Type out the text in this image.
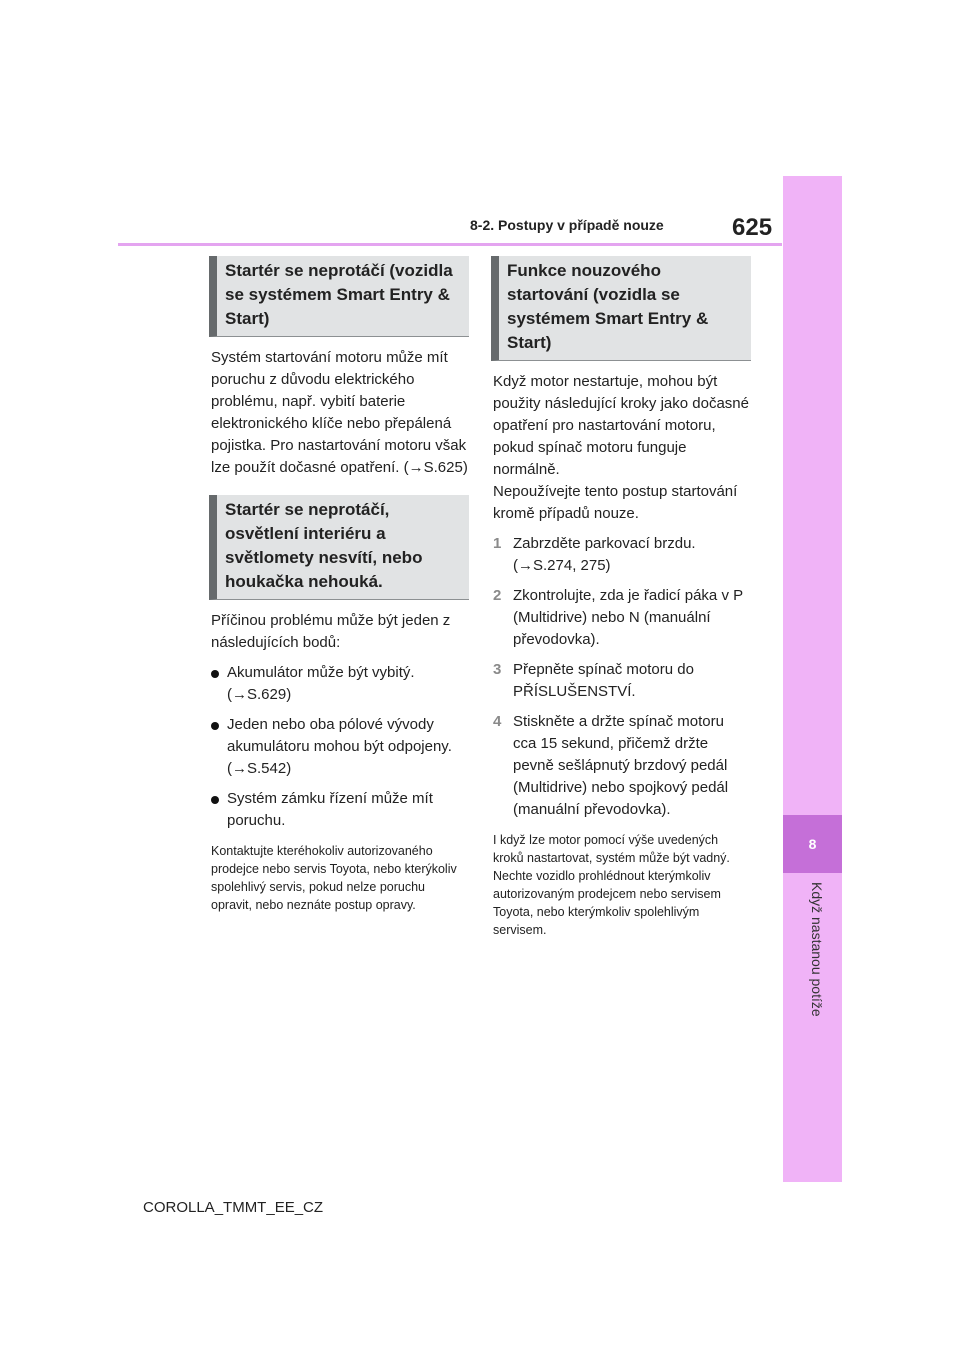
8
Když nastanou potíže
8-2. Postupy v případě nouze	625
Startér se neprotáčí (vozidla se systémem Smart Entry & Start)
Systém startování motoru může mít poruchu z důvodu elektrického problému, např. vybití baterie elektronického klíče nebo přepálená pojistka. Pro nastartování motoru však lze použít dočasné opatření. (→S.625)
Startér se neprotáčí, osvětlení interiéru a světlomety nesvítí, nebo houkačka nehouká.
Příčinou problému může být jeden z následujících bodů:
Akumulátor může být vybitý. (→S.629)
Jeden nebo oba pólové vývody akumulátoru mohou být odpojeny. (→S.542)
Systém zámku řízení může mít poruchu.
Kontaktujte kteréhokoliv autorizovaného prodejce nebo servis Toyota, nebo kterýkoliv spolehlivý servis, pokud nelze poruchu opravit, nebo neznáte postup opravy.
Funkce nouzového startování (vozidla se systémem Smart Entry & Start)
Když motor nestartuje, mohou být použity následující kroky jako dočasné opatření pro nastartování motoru, pokud spínač motoru funguje normálně.
Nepoužívejte tento postup startování kromě případů nouze.
1 Zabrzděte parkovací brzdu. (→S.274, 275)
2 Zkontrolujte, zda je řadicí páka v P (Multidrive) nebo N (manuální převodovka).
3 Přepněte spínač motoru do PŘÍSLUŠENSTVÍ.
4 Stiskněte a držte spínač motoru cca 15 sekund, přičemž držte pevně sešlápnutý brzdový pedál (Multidrive) nebo spojkový pedál (manuální převodovka).
I když lze motor pomocí výše uvedených kroků nastartovat, systém může být vadný. Nechte vozidlo prohlédnout kterýmkoliv autorizovaným prodejcem nebo servisem Toyota, nebo kterýmkoliv spolehlivým servisem.
COROLLA_TMMT_EE_CZ
